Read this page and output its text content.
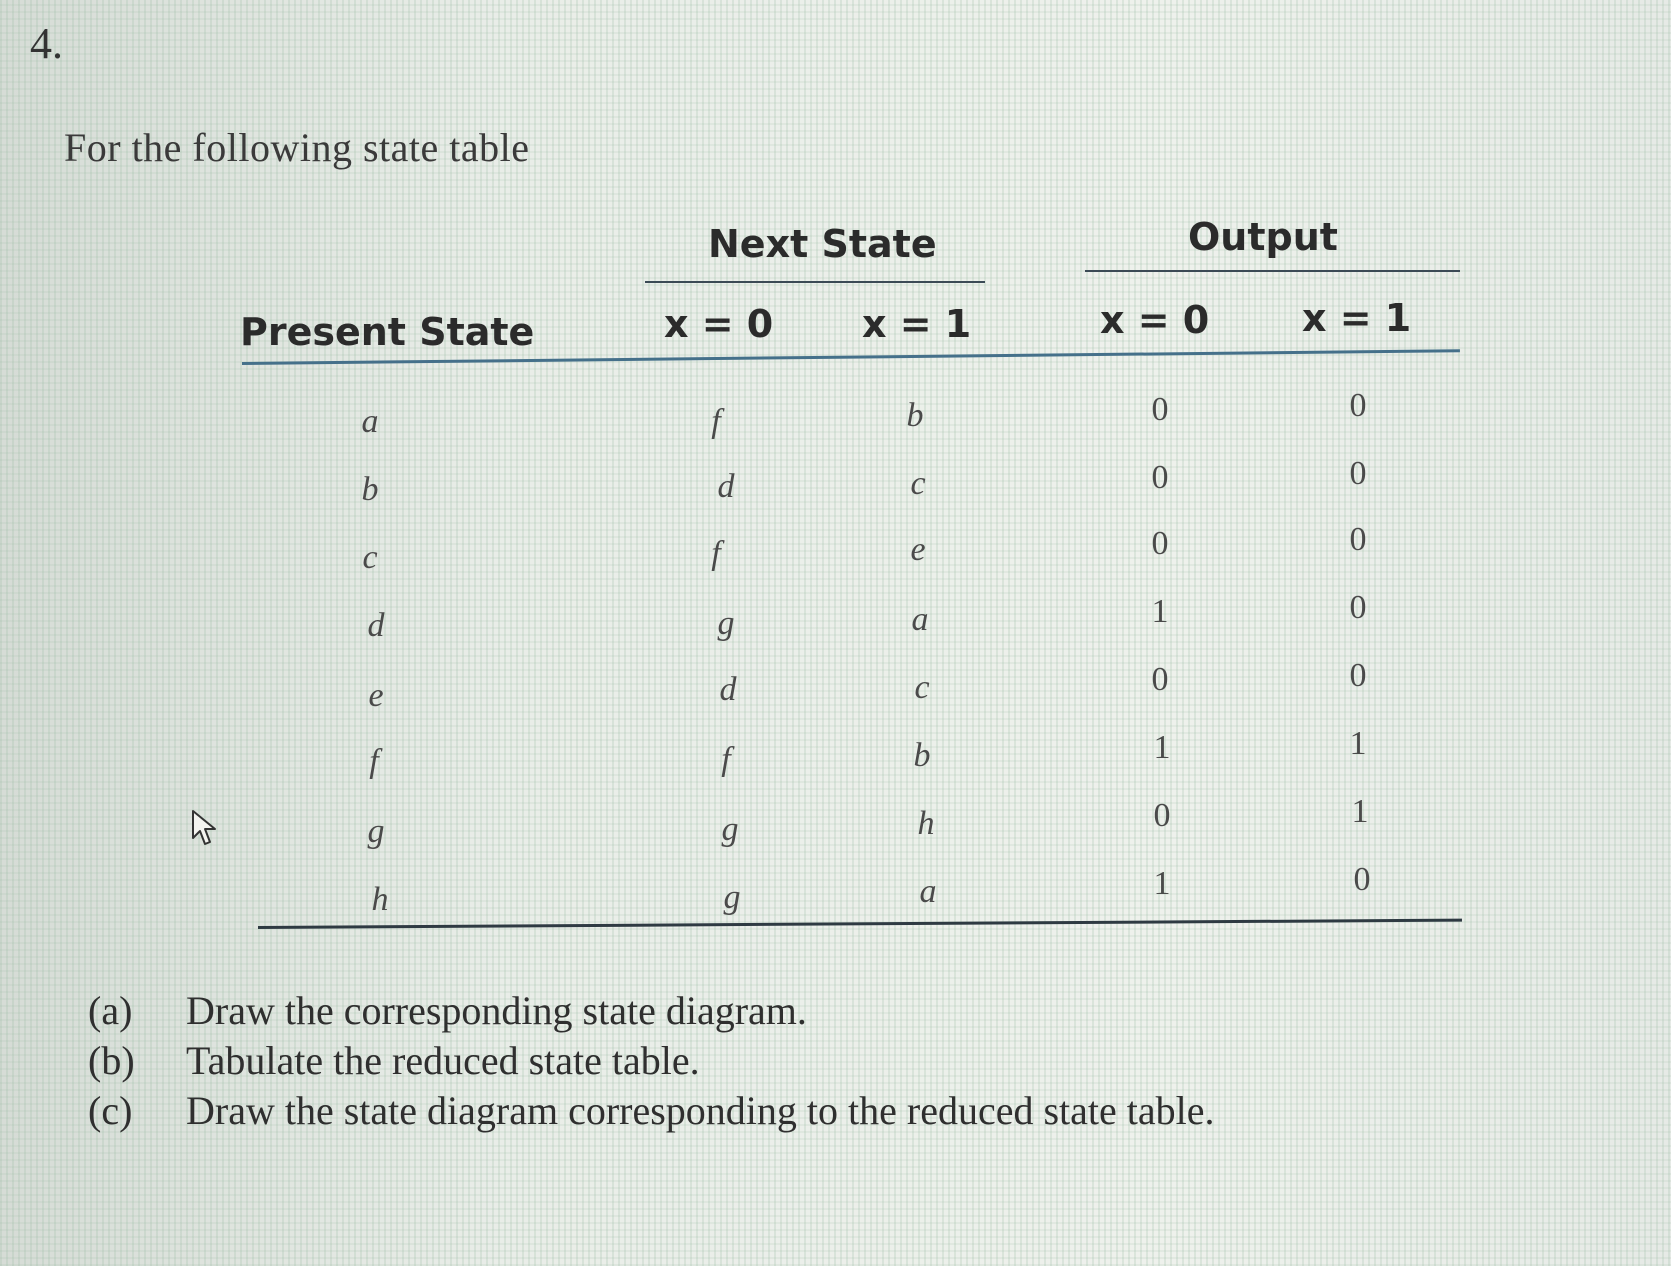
4.
For the following state table
Next State	Output
Present State	x = 0 x = 1	x = 0 x = 1
a	f	b	0	0
b	d	c	0	0
c	f	e	0	0
d	g	a	1	0
e	d	c	0	0
f	f	b	1	1
g	g	h	0	1
h	g	a	1	0
(a)	Draw the corresponding state diagram.
(b)	Tabulate the reduced state table.
(c)	Draw the state diagram corresponding to the reduced state table.
